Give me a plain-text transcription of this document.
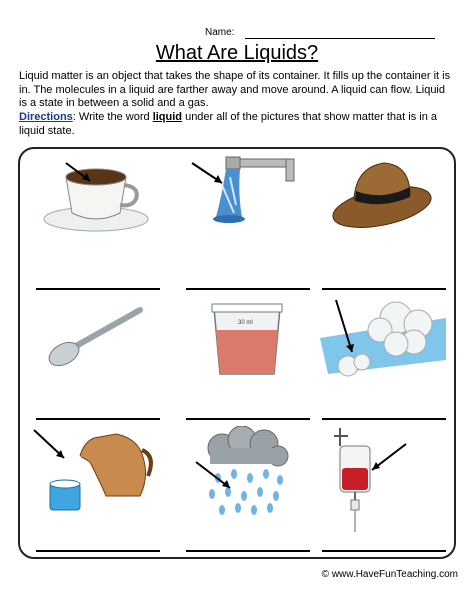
Name:
What Are Liquids?
Liquid matter is an object that takes the shape of its container. It fills up the container it is in. The molecules in a liquid are farther away and move around. A liquid can flow. Liquid is a state in between a solid and a gas.
Directions: Write the word liquid under all of the pictures that show matter that is in a liquid state.
30 ml
© www.HaveFunTeaching.com
